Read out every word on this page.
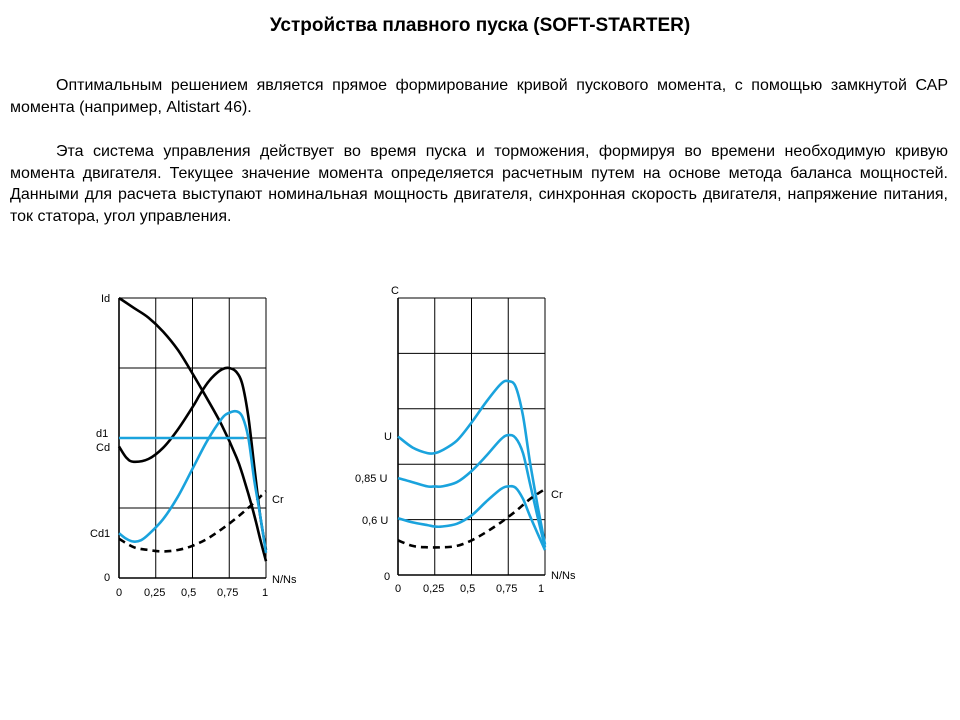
Устройства плавного пуска (SOFT-STARTER)

Оптимальным решением является прямое формирование кривой пускового момента, с помощью замкнутой САР момента (например, Altistart 46).

Эта система управления действует во время пуска и торможения, формируя во времени необходимую кривую момента двигателя. Текущее значение момента определяется расчетным путем на основе метода баланса мощностей. Данными для расчета выступают номинальная мощность двигателя, синхронная скорость двигателя, напряжение питания, ток статора, угол управления.

Id
d1
Cd
Cd1
0
Cr
N/Ns
0 0,25 0,5 0,75 1
C
U
0,85 U
0,6 U
0
Cr
N/Ns
0 0,25 0,5 0,75 1
